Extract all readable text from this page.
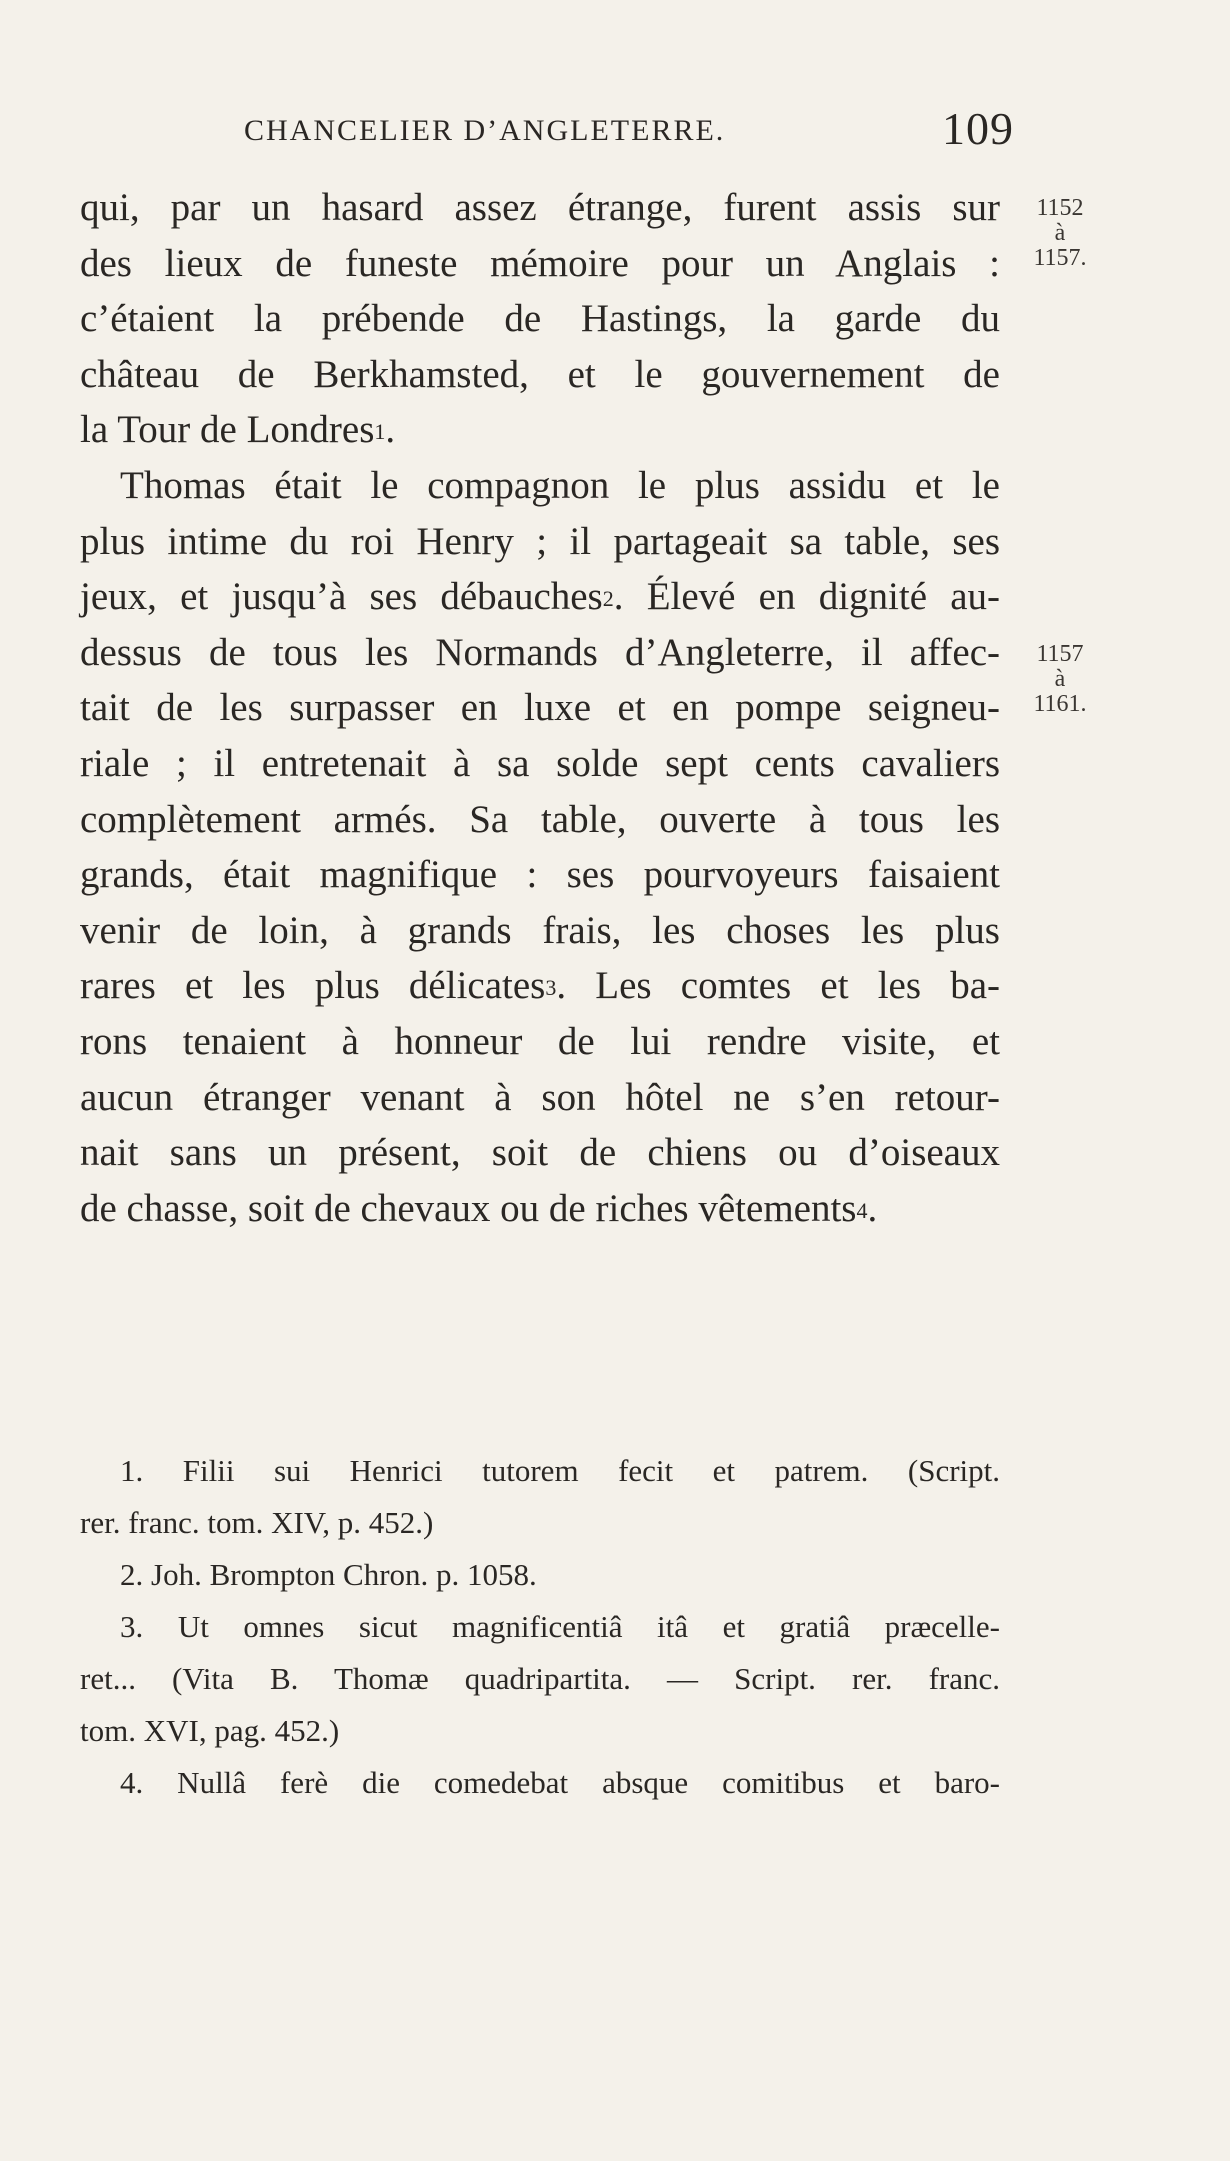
CHANCELIER D’ANGLETERRE.	109
1152
à
1157.
1157
à
1161.
qui, par un hasard assez étrange, furent assis sur
des lieux de funeste mémoire pour un Anglais :
c’étaient la prébende de Hastings, la garde du
château de Berkhamsted, et le gouvernement de
la Tour de Londres$^1$.
Thomas était le compagnon le plus assidu et le
plus intime du roi Henry ; il partageait sa table, ses
jeux, et jusqu’à ses débauches$^2$. Élevé en dignité au-
dessus de tous les Normands d’Angleterre, il affec-
tait de les surpasser en luxe et en pompe seigneu-
riale ; il entretenait à sa solde sept cents cavaliers
complètement armés. Sa table, ouverte à tous les
grands, était magnifique : ses pourvoyeurs faisaient
venir de loin, à grands frais, les choses les plus
rares et les plus délicates$^3$. Les comtes et les ba-
rons tenaient à honneur de lui rendre visite, et
aucun étranger venant à son hôtel ne s’en retour-
nait sans un présent, soit de chiens ou d’oiseaux
de chasse, soit de chevaux ou de riches vêtements$^4$.
1. Filii sui Henrici tutorem fecit et patrem. (Script.
rer. franc. tom. XIV, p. 452.)
2. Joh. Brompton Chron. p. 1058.
3. Ut omnes sicut magnificentiâ itâ et gratiâ præcelle-
ret... (Vita B. Thomæ quadripartita. — Script. rer. franc.
tom. XVI, pag. 452.)
4. Nullâ ferè die comedebat absque comitibus et baro-
